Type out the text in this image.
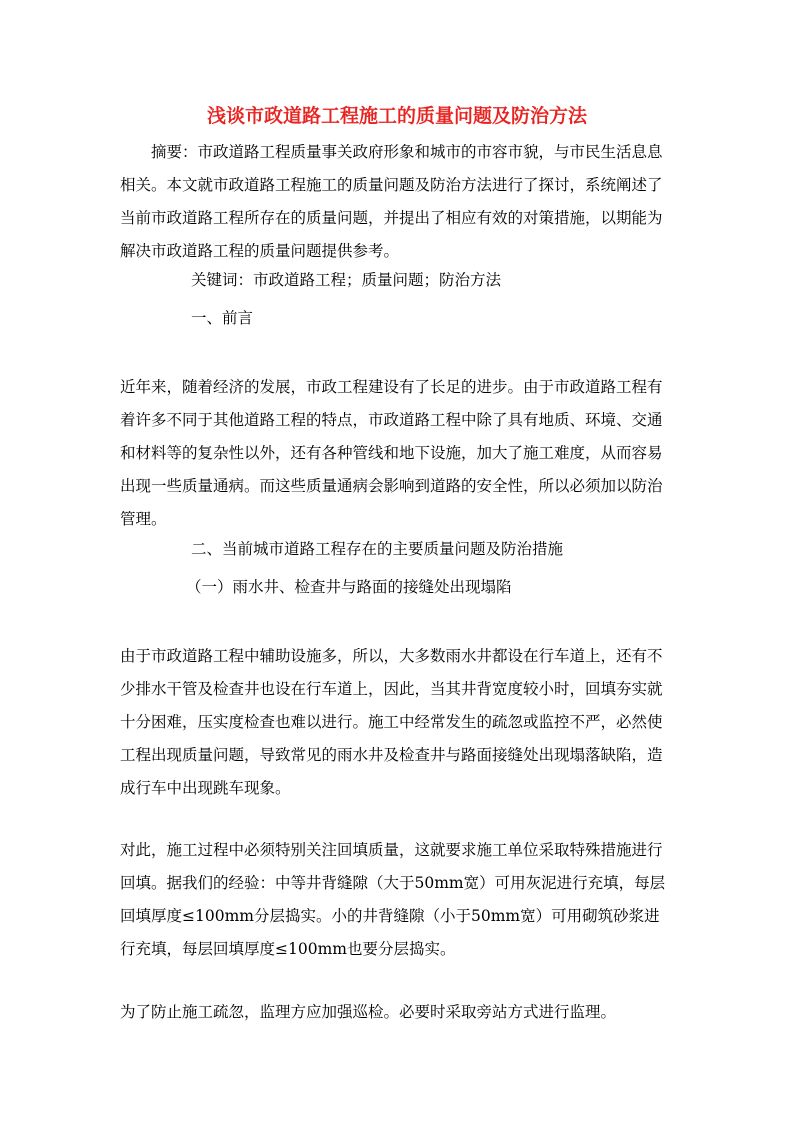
浅谈市政道路工程施工的质量问题及防治方法

摘要：市政道路工程质量事关政府形象和城市的市容市貌，与市民生活息息相关。本文就市政道路工程施工的质量问题及防治方法进行了探讨，系统阐述了当前市政道路工程所存在的质量问题，并提出了相应有效的对策措施，以期能为解决市政道路工程的质量问题提供参考。

关键词：市政道路工程；质量问题；防治方法

一、前言

近年来，随着经济的发展，市政工程建设有了长足的进步。由于市政道路工程有着许多不同于其他道路工程的特点，市政道路工程中除了具有地质、环境、交通和材料等的复杂性以外，还有各种管线和地下设施，加大了施工难度，从而容易出现一些质量通病。而这些质量通病会影响到道路的安全性，所以必须加以防治管理。

二、当前城市道路工程存在的主要质量问题及防治措施

（一）雨水井、检查井与路面的接缝处出现塌陷

由于市政道路工程中辅助设施多，所以，大多数雨水井都设在行车道上，还有不少排水干管及检查井也设在行车道上，因此，当其井背宽度较小时，回填夯实就十分困难，压实度检查也难以进行。施工中经常发生的疏忽或监控不严，必然使工程出现质量问题，导致常见的雨水井及检查井与路面接缝处出现塌落缺陷，造成行车中出现跳车现象。

对此，施工过程中必须特别关注回填质量，这就要求施工单位采取特殊措施进行回填。据我们的经验：中等井背缝隙（大于50mm宽）可用灰泥进行充填，每层回填厚度≤100mm分层捣实。小的井背缝隙（小于50mm宽）可用砌筑砂浆进行充填，每层回填厚度≤100mm也要分层捣实。

为了防止施工疏忽，监理方应加强巡检。必要时采取旁站方式进行监理。
